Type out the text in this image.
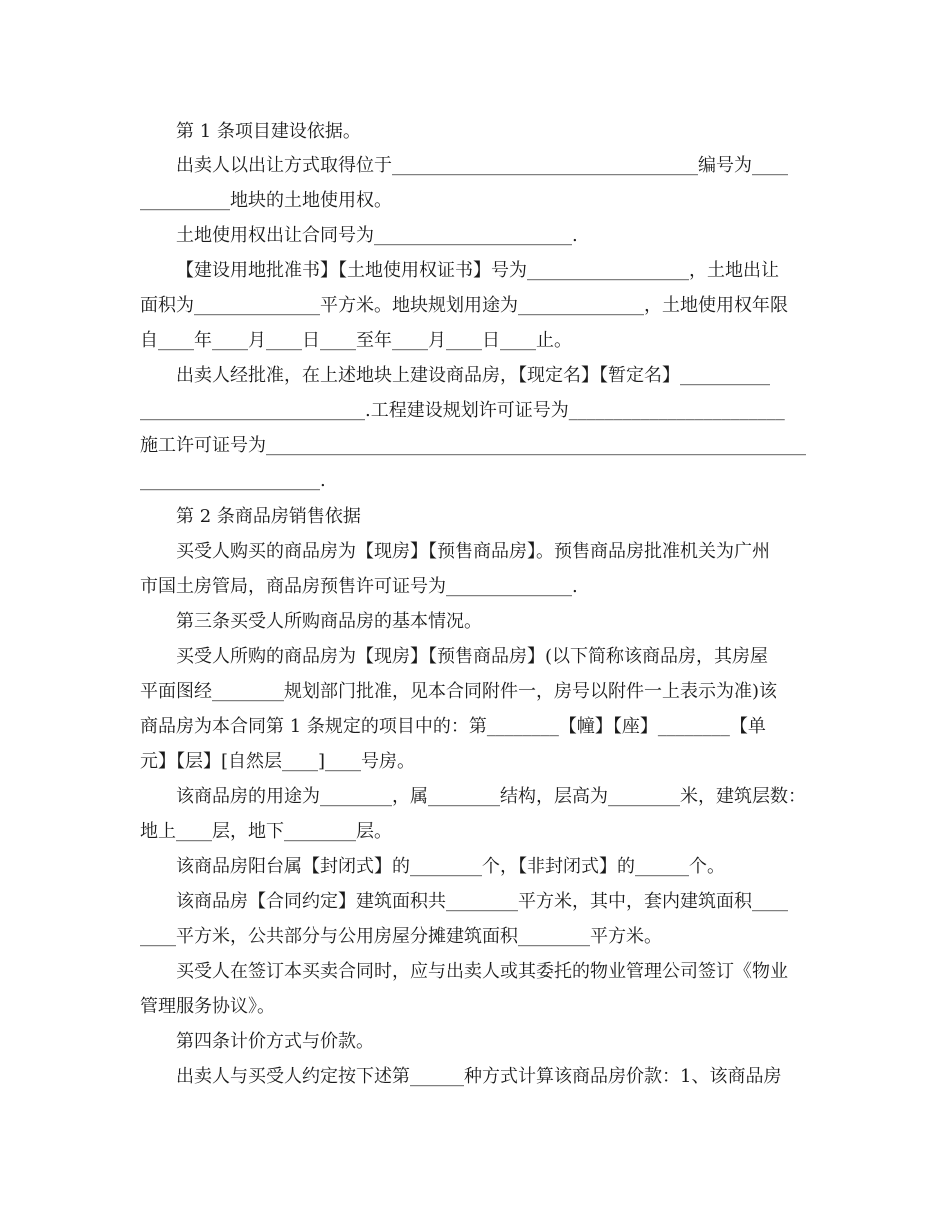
第 1 条项目建设依据。
出卖人以出让方式取得位于__________________________________编号为____
__________地块的土地使用权。
土地使用权出让合同号为______________________.
【建设用地批准书】【土地使用权证书】号为__________________，土地出让
面积为______________平方米。地块规划用途为______________，土地使用权年限
自____年____月____日____至年____月____日____止。
出卖人经批准，在上述地块上建设商品房，【现定名】【暂定名】__________
_________________________.工程建设规划许可证号为________________________
施工许可证号为____________________________________________________________
____________________.
第 2 条商品房销售依据
买受人购买的商品房为【现房】【预售商品房】。预售商品房批准机关为广州
市国土房管局，商品房预售许可证号为______________.
第三条买受人所购商品房的基本情况。
买受人所购的商品房为【现房】【预售商品房】(以下简称该商品房，其房屋
平面图经________规划部门批准，见本合同附件一，房号以附件一上表示为准)该
商品房为本合同第 1 条规定的项目中的：第________【幢】【座】________【单
元】【层】[自然层____]____号房。
该商品房的用途为________，属________结构，层高为________米，建筑层数：
地上____层，地下________层。
该商品房阳台属【封闭式】的________个，【非封闭式】的______个。
该商品房【合同约定】建筑面积共________平方米，其中，套内建筑面积____
____平方米，公共部分与公用房屋分摊建筑面积________平方米。
买受人在签订本买卖合同时，应与出卖人或其委托的物业管理公司签订《物业
管理服务协议》。
第四条计价方式与价款。
出卖人与买受人约定按下述第______种方式计算该商品房价款：1、该商品房
